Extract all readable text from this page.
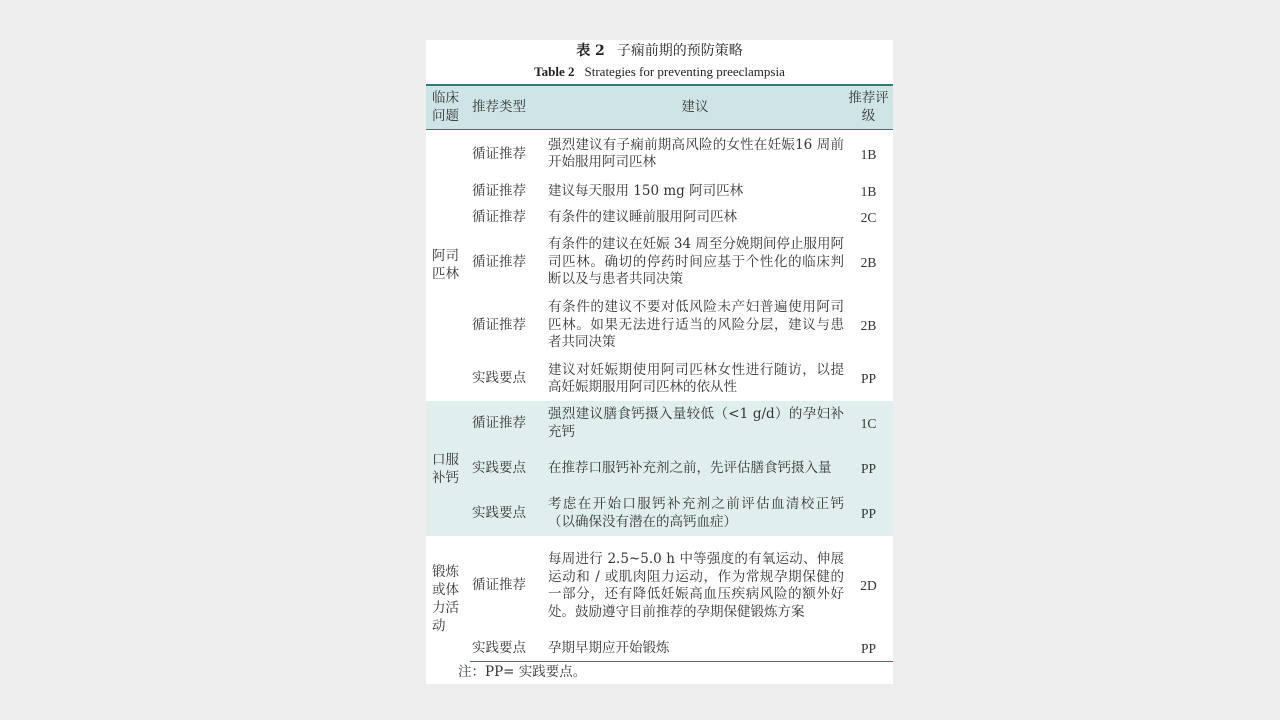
表 2 子痫前期的预防策略
Table 2 Strategies for preventing preeclampsia
临床问题	推荐类型	建议	推荐评级
阿司匹林	循证推荐	强烈建议有子痫前期高风险的女性在妊娠16 周前开始服用阿司匹林	1B
	循证推荐	建议每天服用 150 mg 阿司匹林	1B
	循证推荐	有条件的建议睡前服用阿司匹林	2C
	循证推荐	有条件的建议在妊娠 34 周至分娩期间停止服用阿司匹林。确切的停药时间应基于个性化的临床判断以及与患者共同决策	2B
	循证推荐	有条件的建议不要对低风险未产妇普遍使用阿司匹林。如果无法进行适当的风险分层，建议与患者共同决策	2B
	实践要点	建议对妊娠期使用阿司匹林女性进行随访，以提高妊娠期服用阿司匹林的依从性	PP
口服补钙	循证推荐	强烈建议膳食钙摄入量较低（<1 g/d）的孕妇补充钙	1C
	实践要点	在推荐口服钙补充剂之前，先评估膳食钙摄入量	PP
	实践要点	考虑在开始口服钙补充剂之前评估血清校正钙（以确保没有潜在的高钙血症）	PP
锻炼或体力活动	循证推荐	每周进行 2.5~5.0 h 中等强度的有氧运动、伸展运动和 / 或肌肉阻力运动，作为常规孕期保健的一部分，还有降低妊娠高血压疾病风险的额外好处。鼓励遵守目前推荐的孕期保健锻炼方案	2D
	实践要点	孕期早期应开始锻炼	PP
注：PP= 实践要点。
